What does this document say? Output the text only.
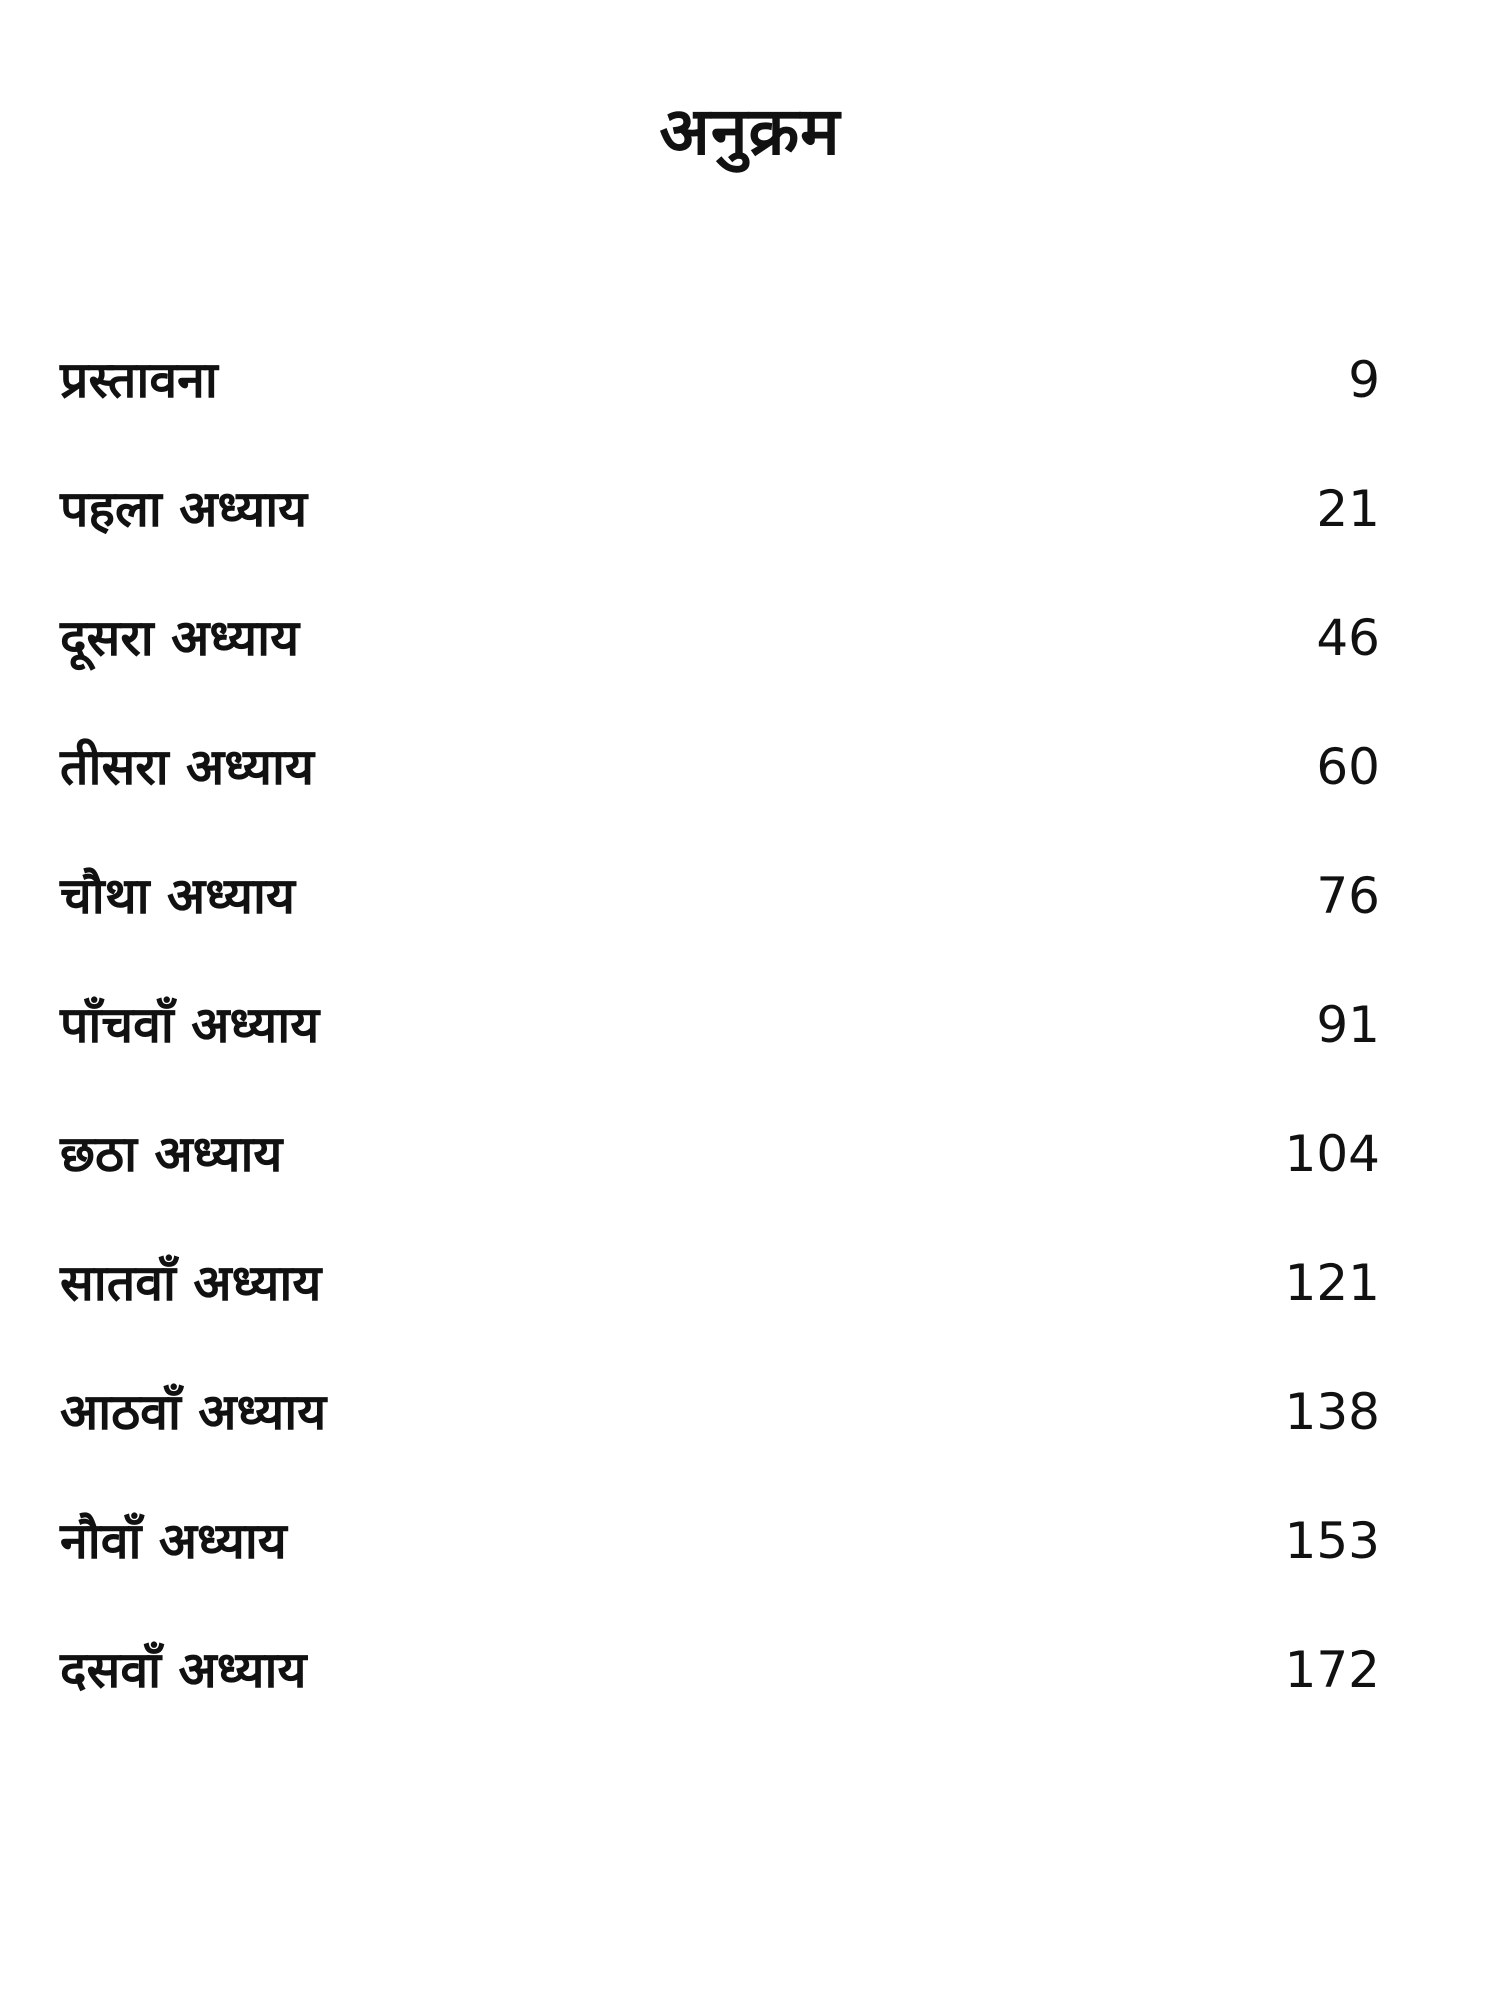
अनुक्रम
प्रस्तावना	9
पहला अध्याय	21
दूसरा अध्याय	46
तीसरा अध्याय	60
चौथा अध्याय	76
पाँचवाँ अध्याय	91
छठा अध्याय	104
सातवाँ अध्याय	121
आठवाँ अध्याय	138
नौवाँ अध्याय	153
दसवाँ अध्याय	172
